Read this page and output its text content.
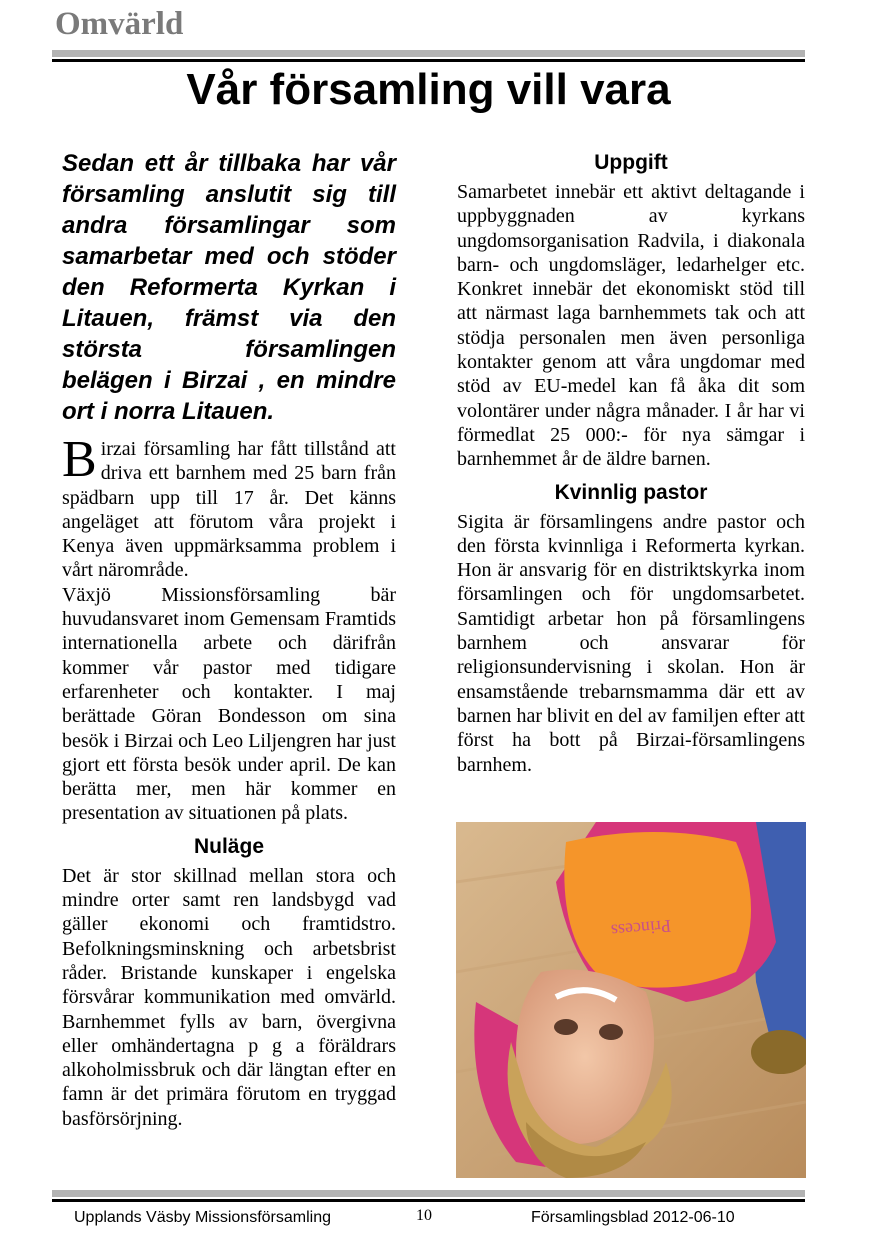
Omvärld
Vår församling vill vara

Sedan ett år tillbaka har vår församling anslutit sig till andra församlingar som samarbetar med och stöder den Reformerta Kyrkan i Litauen, främst via den största församlingen belägen i Birzai , en mindre ort i norra Litauen.

Birzai församling har fått tillstånd att driva ett barnhem med 25 barn från spädbarn upp till 17 år. Det känns angeläget att förutom våra projekt i Kenya även uppmärksamma problem i vårt närområde.

Växjö Missionsförsamling bär huvudansvaret inom Gemensam Framtids internationella arbete och därifrån kommer vår pastor med tidigare erfarenheter och kontakter. I maj berättade Göran Bondesson om sina besök i Birzai och Leo Liljengren har just gjort ett första besök under april. De kan berätta mer, men här kommer en presentation av situationen på plats.

Nuläge

Det är stor skillnad mellan stora och mindre orter samt ren landsbygd vad gäller ekonomi och framtidstro. Befolkningsminskning och arbetsbrist råder. Bristande kunskaper i engelska försvårar kommunikation med omvärld. Barnhemmet fylls av barn, övergivna eller omhändertagna p g a föräldrars alkoholmissbruk och där längtan efter en famn är det primära förutom en tryggad basförsörjning.

Uppgift

Samarbetet innebär ett aktivt deltagande i uppbyggnaden av kyrkans ungdomsorganisation Radvila, i diakonala barn- och ungdomsläger, ledarhelger etc. Konkret innebär det ekonomiskt stöd till att närmast laga barnhemmets tak och att stödja personalen men även personliga kontakter genom att våra ungdomar med stöd av EU-medel kan få åka dit som volontärer under några månader. I år har vi förmedlat 25 000:- för nya sämgar i barnhemmet år de äldre barnen.

Kvinnlig pastor

Sigita är församlingens andre pastor och den första kvinnliga i Reformerta kyrkan. Hon är ansvarig för en distriktskyrka inom församlingen och för ungdomsarbetet. Samtidigt arbetar hon på församlingens barnhem och ansvarar för religionsundervisning i skolan. Hon är ensamstående trebarnsmamma där ett av barnen har blivit en del av familjen efter att först ha bott på Birzai-församlingens barnhem.

Princess
Upplands Väsby Missionsförsamling	10	Församlingsblad 2012-06-10
